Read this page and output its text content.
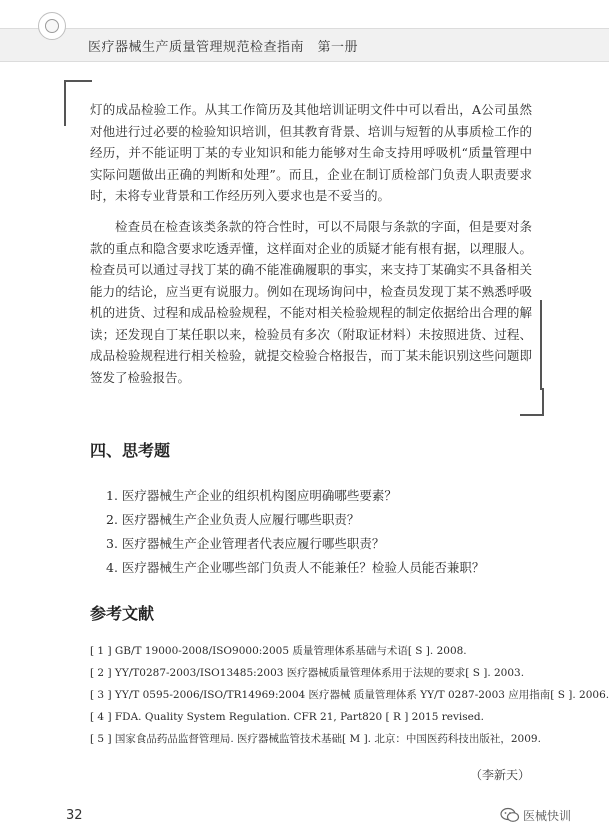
医疗器械生产质量管理规范检查指南　第一册

灯的成品检验工作。从其工作简历及其他培训证明文件中可以看出，A公司虽然对他进行过必要的检验知识培训，但其教育背景、培训与短暂的从事质检工作的经历，并不能证明丁某的专业知识和能力能够对生命支持用呼吸机“质量管理中实际问题做出正确的判断和处理”。而且，企业在制订质检部门负责人职责要求时，未将专业背景和工作经历列入要求也是不妥当的。

检查员在检查该类条款的符合性时，可以不局限与条款的字面，但是要对条款的重点和隐含要求吃透弄懂，这样面对企业的质疑才能有根有据，以理服人。检查员可以通过寻找丁某的确不能准确履职的事实，来支持丁某确实不具备相关能力的结论，应当更有说服力。例如在现场询问中，检查员发现丁某不熟悉呼吸机的进货、过程和成品检验规程，不能对相关检验规程的制定依据给出合理的解读；还发现自丁某任职以来，检验员有多次（附取证材料）未按照进货、过程、成品检验规程进行相关检验，就提交检验合格报告，而丁某未能识别这些问题即签发了检验报告。

四、思考题
1. 医疗器械生产企业的组织机构图应明确哪些要素？
2. 医疗器械生产企业负责人应履行哪些职责？
3. 医疗器械生产企业管理者代表应履行哪些职责？
4. 医疗器械生产企业哪些部门负责人不能兼任？检验人员能否兼职？
参考文献
[ 1 ] GB/T 19000-2008/ISO9000:2005 质量管理体系基础与术语[ S ]. 2008.
[ 2 ] YY/T0287-2003/ISO13485:2003 医疗器械质量管理体系用于法规的要求[ S ]. 2003.
[ 3 ] YY/T 0595-2006/ISO/TR14969:2004 医疗器械 质量管理体系 YY/T 0287-2003 应用指南[ S ]. 2006.
[ 4 ] FDA. Quality System Regulation. CFR 21, Part820 [ R ] 2015 revised.
[ 5 ] 国家食品药品监督管理局. 医疗器械监管技术基础[ M ]. 北京：中国医药科技出版社，2009.
（李新天）
32	医械快训
